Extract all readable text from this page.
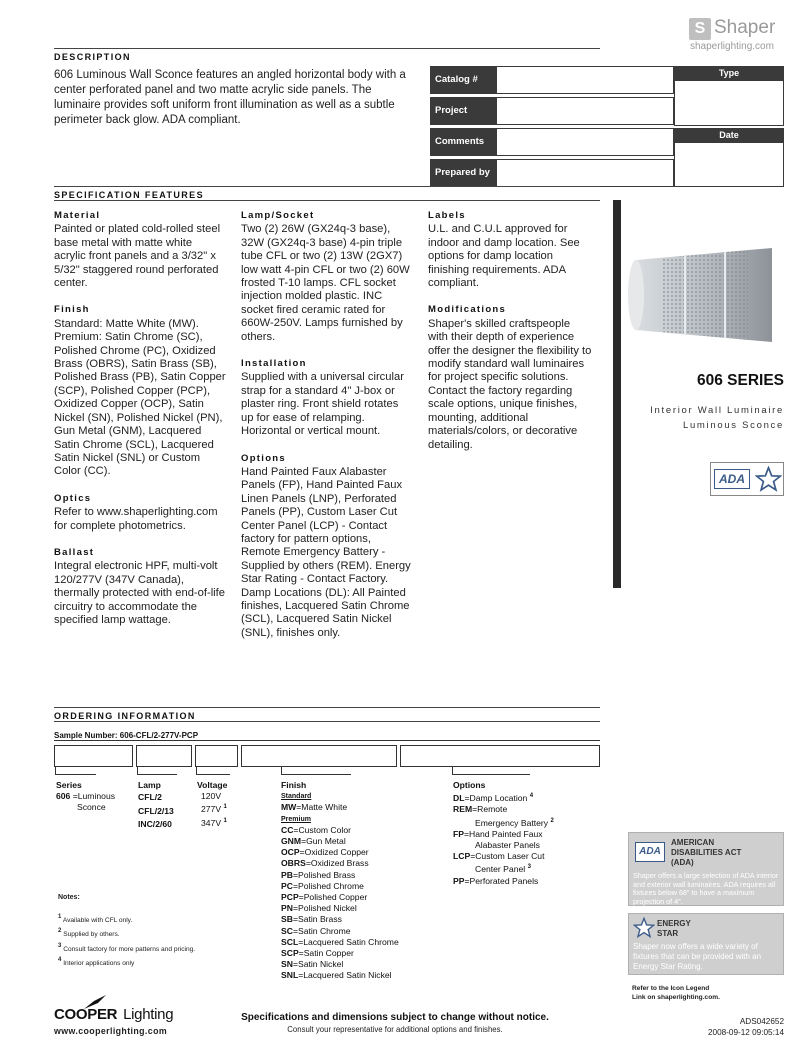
S Shaper
shaperlighting.com
DESCRIPTION
606 Luminous Wall Sconce features an angled horizontal body with a center perforated panel and two matte acrylic side panels. The luminaire provides soft uniform front illumination as well as a subtle perimeter back glow. ADA compliant.
Catalog #
Project
Comments
Prepared by
Type
Date
SPECIFICATION FEATURES
Material

Painted or plated cold-rolled steel base metal with matte white acrylic front panels and a 3/32" x 5/32" staggered round perforated center.

Finish

Standard: Matte White (MW). Premium: Satin Chrome (SC), Polished Chrome (PC), Oxidized Brass (OBRS), Satin Brass (SB), Polished Brass (PB), Satin Copper (SCP), Polished Copper (PCP), Oxidized Copper (OCP), Satin Nickel (SN), Polished Nickel (PN), Gun Metal (GNM), Lacquered Satin Chrome (SCL), Lacquered Satin Nickel (SNL) or Custom Color (CC).

Optics

Refer to www.shaperlighting.com for complete photometrics.

Ballast

Integral electronic HPF, multi-volt 120/277V (347V Canada), thermally protected with end-of-life circuitry to accommodate the specified lamp wattage.

Lamp/Socket

Two (2) 26W (GX24q-3 base), 32W (GX24q-3 base) 4-pin triple tube CFL or two (2) 13W (2GX7) low watt 4-pin CFL or two (2) 60W frosted T-10 lamps. CFL socket injection molded plastic. INC socket fired ceramic rated for 660W-250V. Lamps furnished by others.

Installation

Supplied with a universal circular strap for a standard 4" J-box or plaster ring. Front shield rotates up for ease of relamping. Horizontal or vertical mount.

Options

Hand Painted Faux Alabaster Panels (FP), Hand Painted Faux Linen Panels (LNP), Perforated Panels (PP), Custom Laser Cut Center Panel (LCP) - Contact factory for pattern options, Remote Emergency Battery - Supplied by others (REM). Energy Star Rating - Contact Factory. Damp Locations (DL): All Painted finishes, Lacquered Satin Chrome (SCL), Lacquered Satin Nickel (SNL), finishes only.

Labels

U.L. and C.U.L approved for indoor and damp location. See options for damp location finishing requirements. ADA compliant.

Modifications

Shaper's skilled craftspeople with their depth of experience offer the designer the flexibility to modify standard wall luminaires for project specific solutions. Contact the factory regarding scale options, unique finishes, mounting, additional materials/colors, or decorative detailing.

606 SERIES
Interior Wall Luminaire
Luminous Sconce
ADA
ORDERING INFORMATION
Sample Number: 606-CFL/2-277V-PCP
Series
606 =Luminous
Sconce
Lamp
CFL/2
CFL/2/13
INC/2/60
Voltage
120V
277V $^1$
347V $^1$
Finish
Standard
MW=Matte White
Premium
CC=Custom Color
GNM=Gun Metal
OCP=Oxidized Copper
OBRS=Oxidized Brass
PB=Polished Brass
PC=Polished Chrome
PCP=Polished Copper
PN=Polished Nickel
SB=Satin Brass
SC=Satin Chrome
SCL=Lacquered Satin Chrome
SCP=Satin Copper
SN=Satin Nickel
SNL=Lacquered Satin Nickel
Options
DL=Damp Location $^4$
REM=Remote
Emergency Battery $^2$
FP=Hand Painted Faux
Alabaster Panels
LCP=Custom Laser Cut
Center Panel $^3$
PP=Perforated Panels
Notes:
$^1$ Available with CFL only.
$^2$ Supplied by others.
$^3$ Consult factory for more patterns and pricing.
$^4$ Interior applications only
ADA
AMERICAN DISABILITIES ACT (ADA)
Shaper offers a large selection of ADA interior and exterior wall luminaires. ADA requires all fixtures below 68" to have a maximum projection of 4".
ENERGY STAR
Shaper now offers a wide variety of fixtures that can be provided with an Energy Star Rating.
Refer to the Icon Legend
Link on shaperlighting.com.
COOPER Lighting
www.cooperlighting.com
Specifications and dimensions subject to change without notice.
Consult your representative for additional options and finishes.
ADS042652
2008-09-12 09:05:14
